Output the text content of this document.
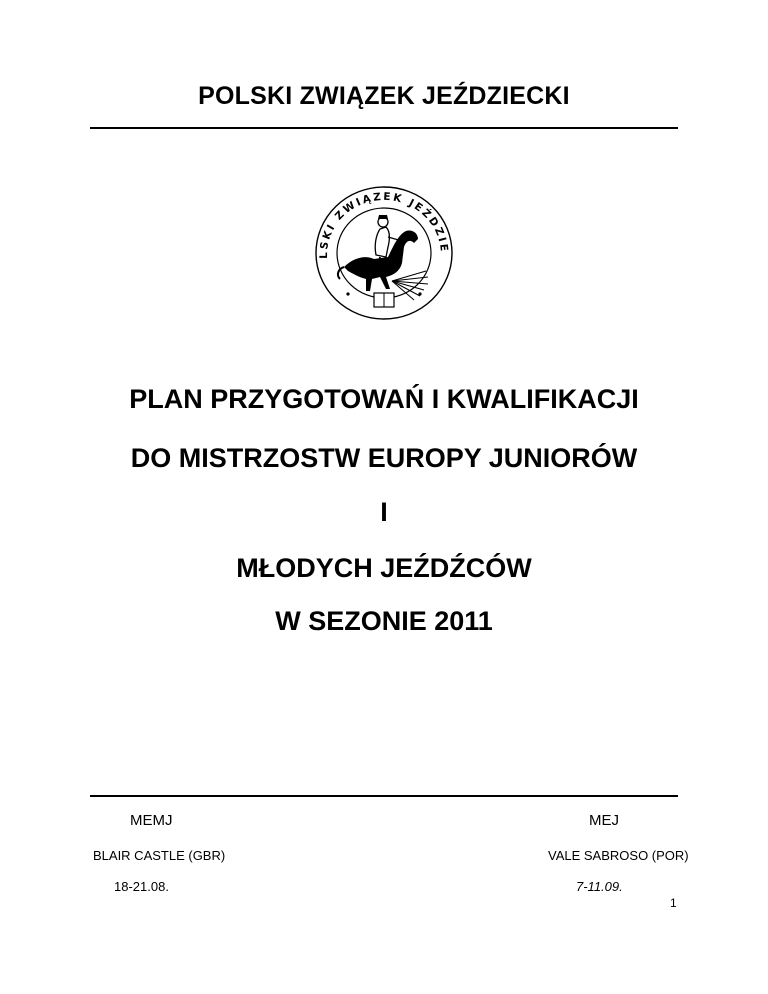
POLSKI ZWIĄZEK JEŹDZIECKI
LSKI ZWIĄZEK JEŹDZIE
PLAN PRZYGOTOWAŃ I KWALIFIKACJI
DO MISTRZOSTW EUROPY JUNIORÓW
I
MŁODYCH JEŹDŹCÓW
W SEZONIE 2011
MEMJ	MEJ
BLAIR CASTLE (GBR)	VALE SABROSO (POR)
18-21.08.	7-11.09.
1
